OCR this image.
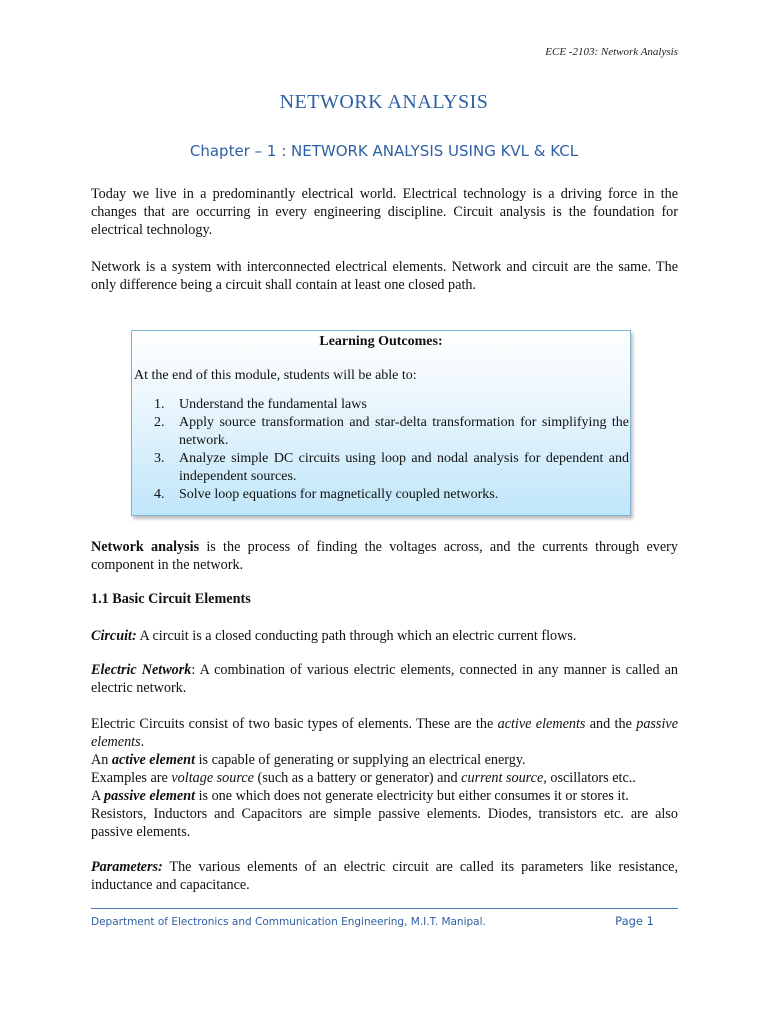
ECE -2103: Network Analysis
NETWORK ANALYSIS
Chapter – 1 : NETWORK ANALYSIS USING KVL & KCL
Today we live in a predominantly electrical world. Electrical technology is a driving force in the changes that are occurring in every engineering discipline. Circuit analysis is the foundation for electrical technology.
Network is a system with interconnected electrical elements. Network and circuit are the same. The only difference being a circuit shall contain at least one closed path.
Learning Outcomes:
At the end of this module, students will be able to:
1.	Understand the fundamental laws
2.	Apply source transformation and star-delta transformation for simplifying the network.
3.	Analyze simple DC circuits using loop and nodal analysis for dependent and independent sources.
4.	Solve loop equations for magnetically coupled networks.
Network analysis is the process of finding the voltages across, and the currents through every component in the network.
1.1 Basic Circuit Elements
Circuit: A circuit is a closed conducting path through which an electric current flows.
Electric Network: A combination of various electric elements, connected in any manner is called an electric network.
Electric Circuits consist of two basic types of elements. These are the active elements and the passive elements.
An active element is capable of generating or supplying an electrical energy.
Examples are voltage source (such as a battery or generator) and current source, oscillators etc..
A passive element is one which does not generate electricity but either consumes it or stores it.
Resistors, Inductors and Capacitors are simple passive elements. Diodes, transistors etc. are also passive elements.
Parameters: The various elements of an electric circuit are called its parameters like resistance, inductance and capacitance.
Department of Electronics and Communication Engineering, M.I.T. Manipal.	Page 1
